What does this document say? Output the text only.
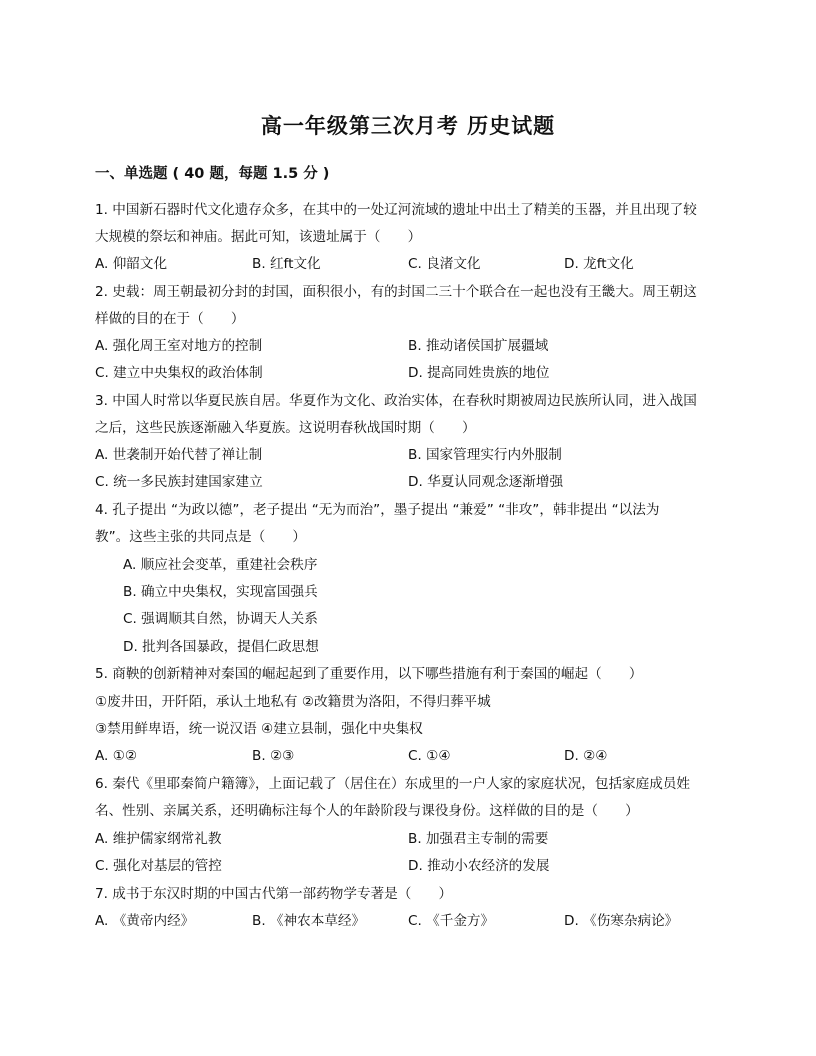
高一年级第三次月考 历史试题
一、单选题 ( 40 题，每题 1.5 分 )
1. 中国新石器时代文化遗存众多，在其中的一处辽河流域的遗址中出土了精美的玉器，并且出现了较
大规模的祭坛和神庙。据此可知，该遗址属于（　　）
A. 仰韶文化	B. 红ft文化	C. 良渚文化	D. 龙ft文化
2. 史载：周王朝最初分封的封国，面积很小，有的封国二三十个联合在一起也没有王畿大。周王朝这
样做的目的在于（　　）
A. 强化周王室对地方的控制	B. 推动诸侯国扩展疆域
C. 建立中央集权的政治体制	D. 提高同姓贵族的地位
3. 中国人时常以华夏民族自居。华夏作为文化、政治实体，在春秋时期被周边民族所认同，进入战国
之后，这些民族逐渐融入华夏族。这说明春秋战国时期（　　）
A. 世袭制开始代替了禅让制	B. 国家管理实行内外服制
C. 统一多民族封建国家建立	D. 华夏认同观念逐渐增强
4. 孔子提出 “为政以德”，老子提出 “无为而治”，墨子提出 “兼爱” “非攻”，韩非提出 “以法为
教”。这些主张的共同点是（　　）
A. 顺应社会变革，重建社会秩序
B. 确立中央集权，实现富国强兵
C. 强调顺其自然，协调天人关系
D. 批判各国暴政，提倡仁政思想
5. 商鞅的创新精神对秦国的崛起起到了重要作用，以下哪些措施有利于秦国的崛起（　　）
①废井田，开阡陌，承认土地私有 ②改籍贯为洛阳，不得归葬平城
③禁用鲜卑语，统一说汉语 ④建立县制，强化中央集权
A. ①②	B. ②③	C. ①④	D. ②④
6. 秦代《里耶秦简户籍簿》，上面记载了（居住在）东成里的一户人家的家庭状况，包括家庭成员姓
名、性别、亲属关系，还明确标注每个人的年龄阶段与课役身份。这样做的目的是（　　）
A. 维护儒家纲常礼教	B. 加强君主专制的需要
C. 强化对基层的管控	D. 推动小农经济的发展
7. 成书于东汉时期的中国古代第一部药物学专著是（　　）
A. 《黄帝内经》	B. 《神农本草经》	C. 《千金方》	D. 《伤寒杂病论》
